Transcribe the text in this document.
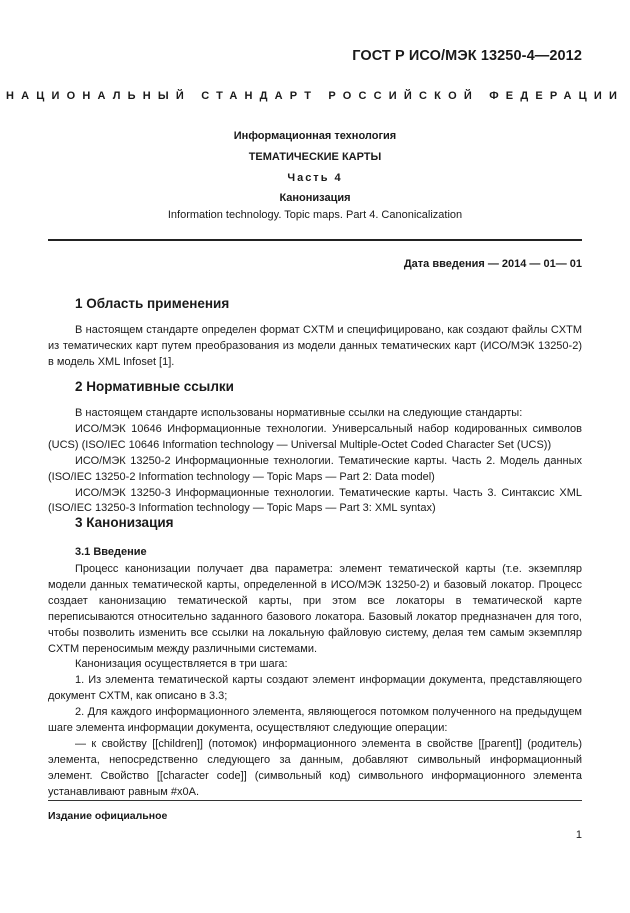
ГОСТ Р ИСО/МЭК 13250-4—2012
НАЦИОНАЛЬНЫЙ СТАНДАРТ РОССИЙСКОЙ ФЕДЕРАЦИИ
Информационная технология
ТЕМАТИЧЕСКИЕ КАРТЫ
Часть 4
Канонизация
Information technology. Topic maps. Part 4. Canonicalization
Дата введения — 2014 — 01— 01
1 Область применения

В настоящем стандарте определен формат CXTM и специфицировано, как создают файлы CXTM из тематических карт путем преобразования из модели данных тематических карт (ИСО/МЭК 13250-2) в модель XML Infoset [1].

2 Нормативные ссылки

В настоящем стандарте использованы нормативные ссылки на следующие стандарты:

ИСО/МЭК 10646 Информационные технологии. Универсальный набор кодированных символов (UCS) (ISO/IEC 10646 Information technology — Universal Multiple-Octet Coded Character Set (UCS))

ИСО/МЭК 13250-2 Информационные технологии. Тематические карты. Часть 2. Модель данных (ISO/IEC 13250-2 Information technology — Topic Maps — Part 2: Data model)

ИСО/МЭК 13250-3 Информационные технологии. Тематические карты. Часть 3. Синтаксис XML (ISO/IEC 13250-3 Information technology — Topic Maps — Part 3: XML syntax)

3 Канонизация
3.1 Введение

Процесс канонизации получает два параметра: элемент тематической карты (т.е. экземпляр модели данных тематической карты, определенной в ИСО/МЭК 13250-2) и базовый локатор. Процесс создает канонизацию тематической карты, при этом все локаторы в тематической карте переписываются относительно заданного базового локатора. Базовый локатор предназначен для того, чтобы позволить изменить все ссылки на локальную файловую систему, делая тем самым экземпляр CXTM переносимым между различными системами.

Канонизация осуществляется в три шага:

1. Из элемента тематической карты создают элемент информации документа, представляющего документ CXTM, как описано в 3.3;

2. Для каждого информационного элемента, являющегося потомком полученного на предыдущем шаге элемента информации документа, осуществляют следующие операции:

— к свойству [[children]] (потомок) информационного элемента в свойстве [[parent]] (родитель) элемента, непосредственно следующего за данным, добавляют символьный информационный элемент. Свойство [[character code]] (символьный код) символьного информационного элемента устанавливают равным #x0A.

Издание официальное
1
